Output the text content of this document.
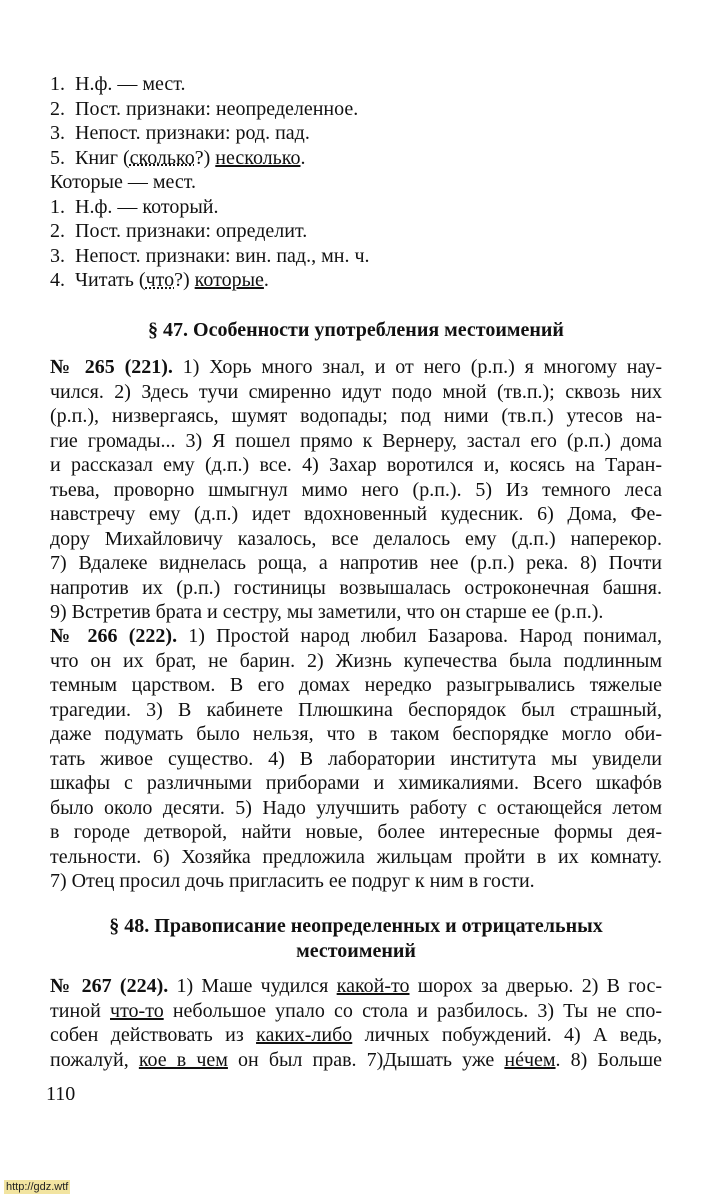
1.  Н.ф. — мест.
2.  Пост. признаки: неопределенное.
3.  Непост. признаки: род. пад.
5.  Книг (сколько?) несколько.
Которые — мест.
1.  Н.ф. — который.
2.  Пост. признаки: определит.
3.  Непост. признаки: вин. пад., мн. ч.
4.  Читать (что?) которые.
§ 47. Особенности употребления местоимений
№ 265 (221). 1) Хорь много знал, и от него (р.п.) я многому нау-
чился. 2) Здесь тучи смиренно идут подо мной (тв.п.); сквозь них
(р.п.), низвергаясь, шумят водопады; под ними (тв.п.) утесов на-
гие громады... 3) Я пошел прямо к Вернеру, застал его (р.п.) дома
и рассказал ему (д.п.) все. 4) Захар воротился и, косясь на Таран-
тьева, проворно шмыгнул мимо него (р.п.). 5) Из темного леса
навстречу ему (д.п.) идет вдохновенный кудесник. 6) Дома, Фе-
дору Михайловичу казалось, все делалось ему (д.п.) наперекор.
7) Вдалеке виднелась роща, а напротив нее (р.п.) река. 8) Почти
напротив их (р.п.) гостиницы возвышалась остроконечная башня.
9) Встретив брата и сестру, мы заметили, что он старше ее (р.п.).
№ 266 (222). 1) Простой народ любил Базарова. Народ понимал,
что он их брат, не барин. 2) Жизнь купечества была подлинным
темным царством. В его домах нередко разыгрывались тяжелые
трагедии. 3) В кабинете Плюшкина беспорядок был страшный,
даже подумать было нельзя, что в таком беспорядке могло оби-
тать живое существо. 4) В лаборатории института мы увидели
шкафы с различными приборами и химикалиями. Всего шкафóв
было около десяти. 5) Надо улучшить работу с остающейся летом
в городе детворой, найти новые, более интересные формы дея-
тельности. 6) Хозяйка предложила жильцам пройти в их комнату.
7) Отец просил дочь пригласить ее подруг к ним в гости.
§ 48. Правописание неопределенных и отрицательных
местоимений
№ 267 (224). 1) Маше чудился какой-то шорох за дверью. 2) В гос-
тиной что-то небольшое упало со стола и разбилось. 3) Ты не спо-
собен действовать из каких-либо личных побуждений. 4) А ведь,
пожалуй, кое в чем он был прав. 7)Дышать уже нéчем. 8) Больше
110
http://gdz.wtf
